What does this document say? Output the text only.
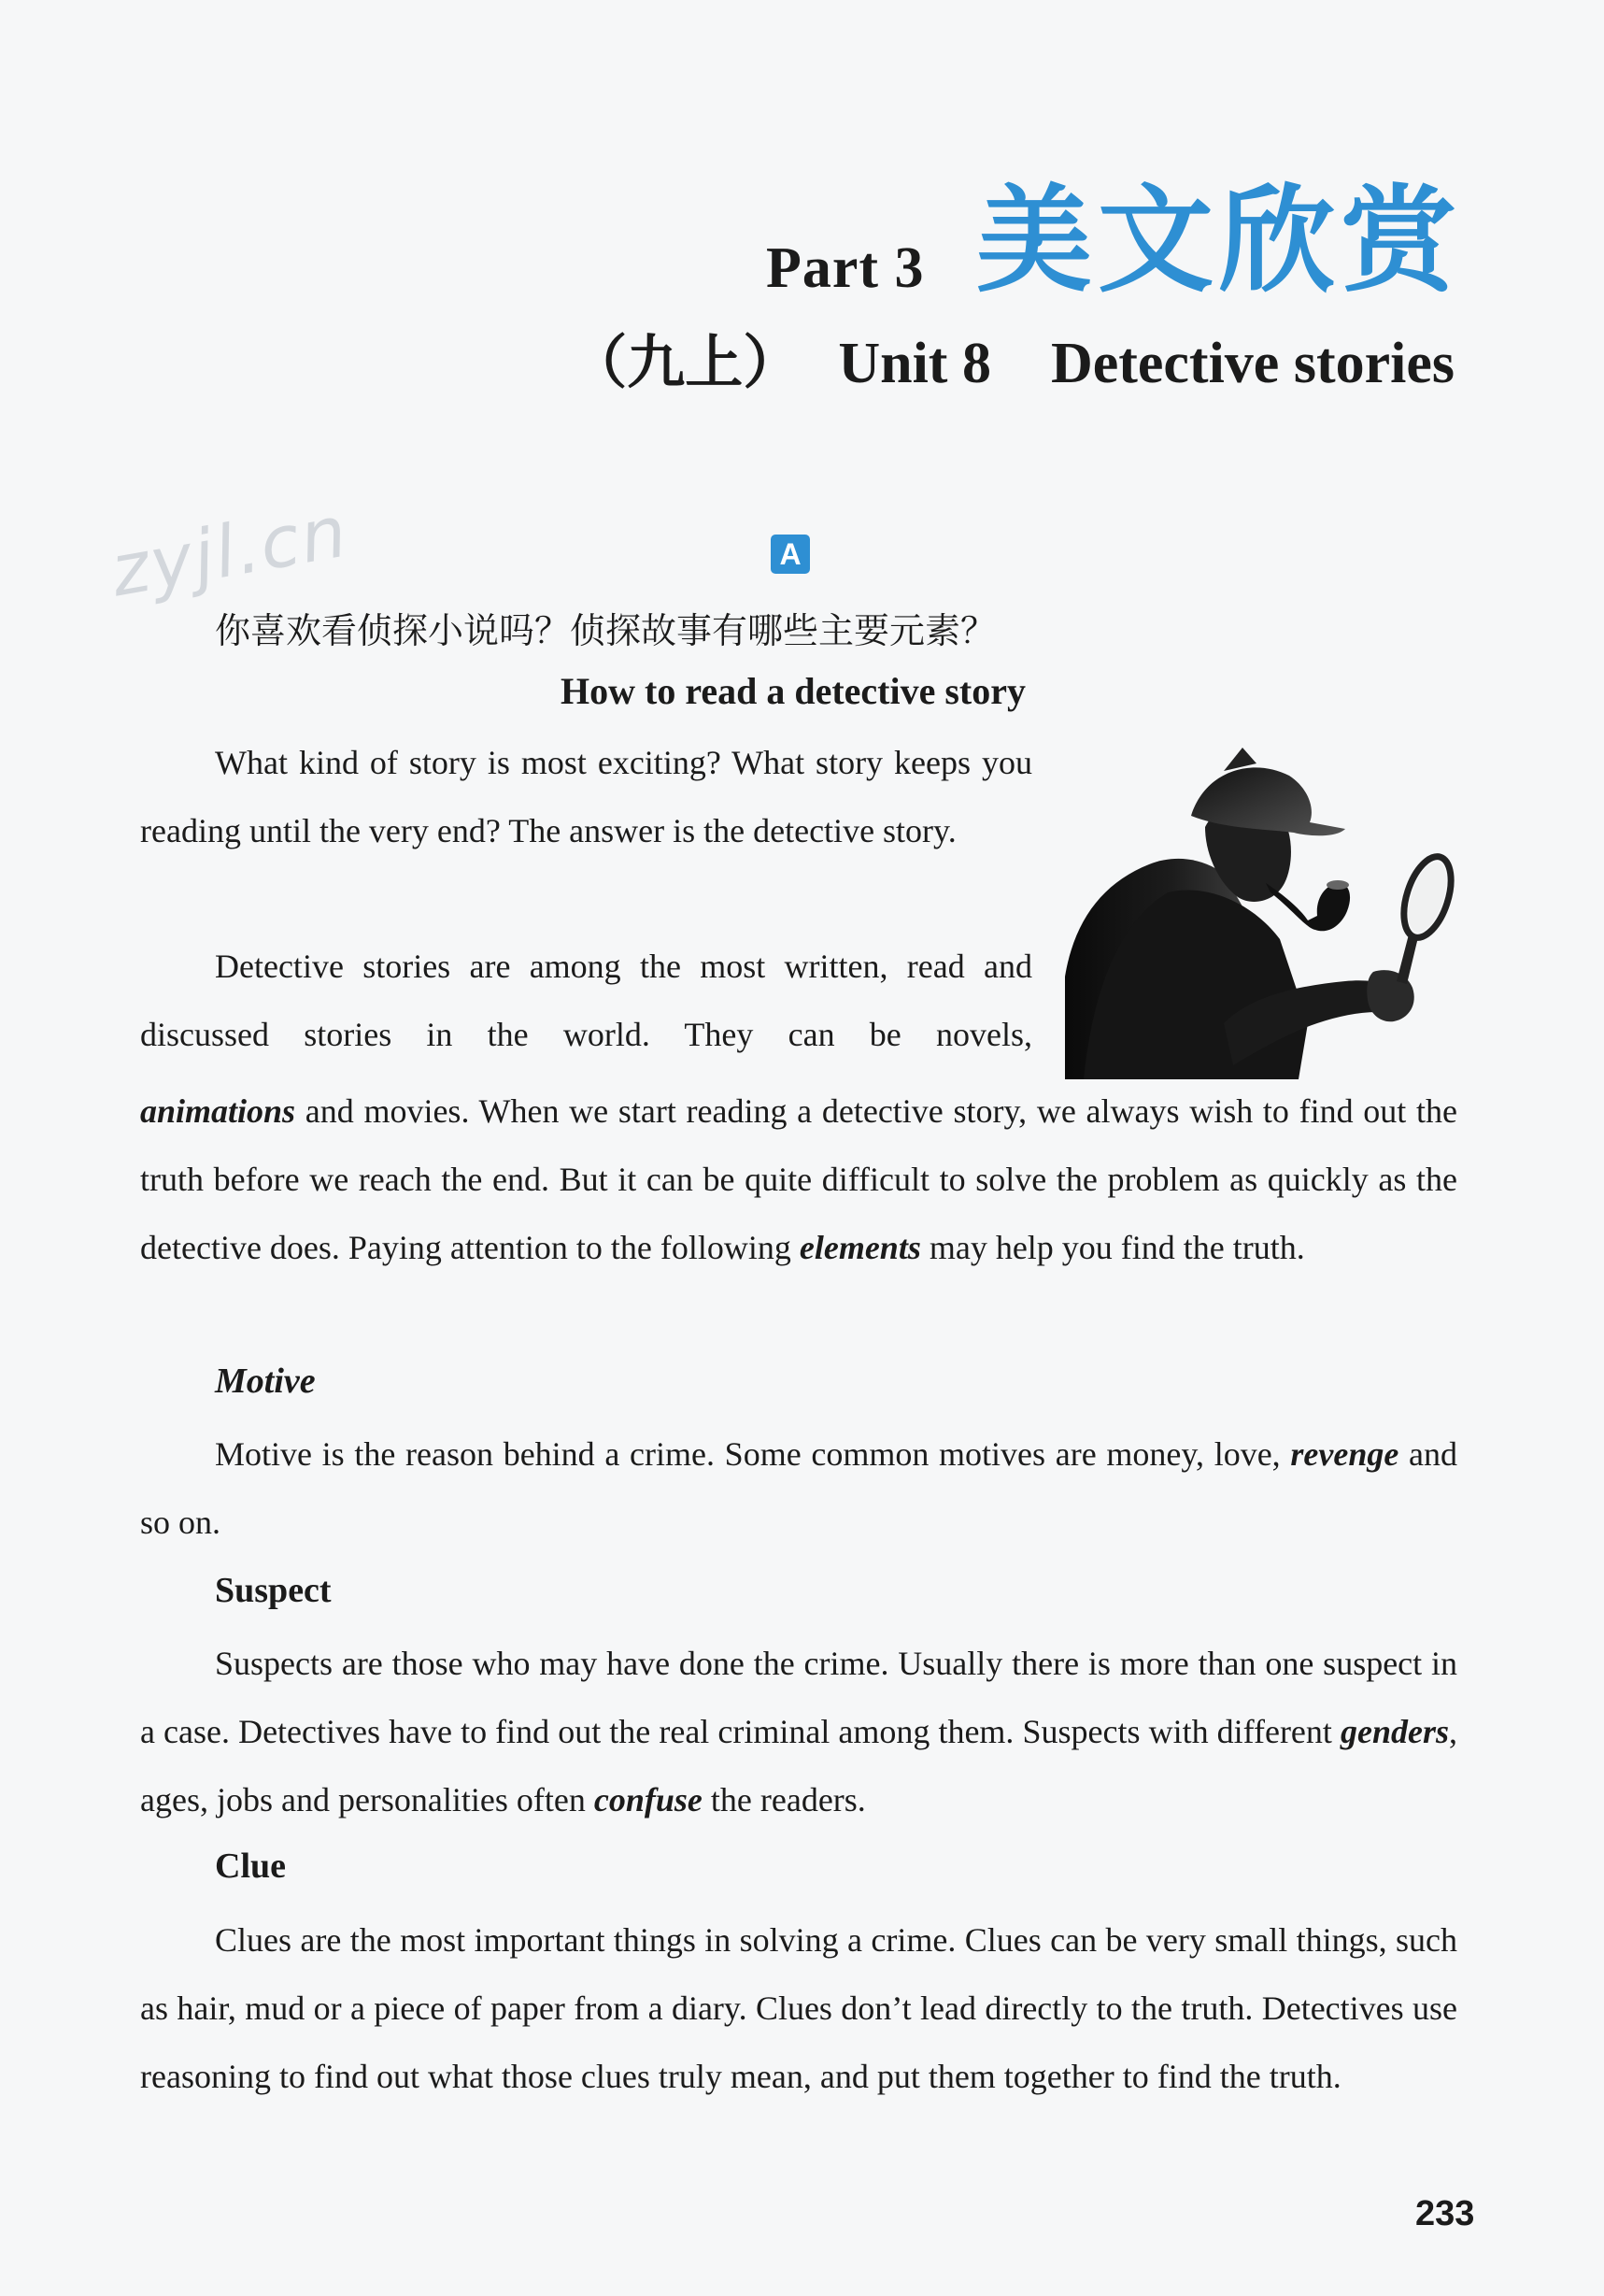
Part 3 美文欣赏
（九上） Unit 8 Detective stories
zyjl.cn	A
你喜欢看侦探小说吗？侦探故事有哪些主要元素？
How to read a detective story
What kind of story is most exciting? What story keeps you reading until the very end? The answer is the detective story.
Detective stories are among the most written, read and discussed stories in the world. They can be novels,
animations and movies. When we start reading a detective story, we always wish to find out the truth before we reach the end. But it can be quite difficult to solve the problem as quickly as the detective does. Paying attention to the following elements may help you find the truth.
Motive
Motive is the reason behind a crime. Some common motives are money, love, revenge and so on.
Suspect
Suspects are those who may have done the crime. Usually there is more than one suspect in a case. Detectives have to find out the real criminal among them. Suspects with different genders, ages, jobs and personalities often confuse the readers.
Clue
Clues are the most important things in solving a crime. Clues can be very small things, such as hair, mud or a piece of paper from a diary. Clues don’t lead directly to the truth. Detectives use reasoning to find out what those clues truly mean, and put them together to find the truth.
233
